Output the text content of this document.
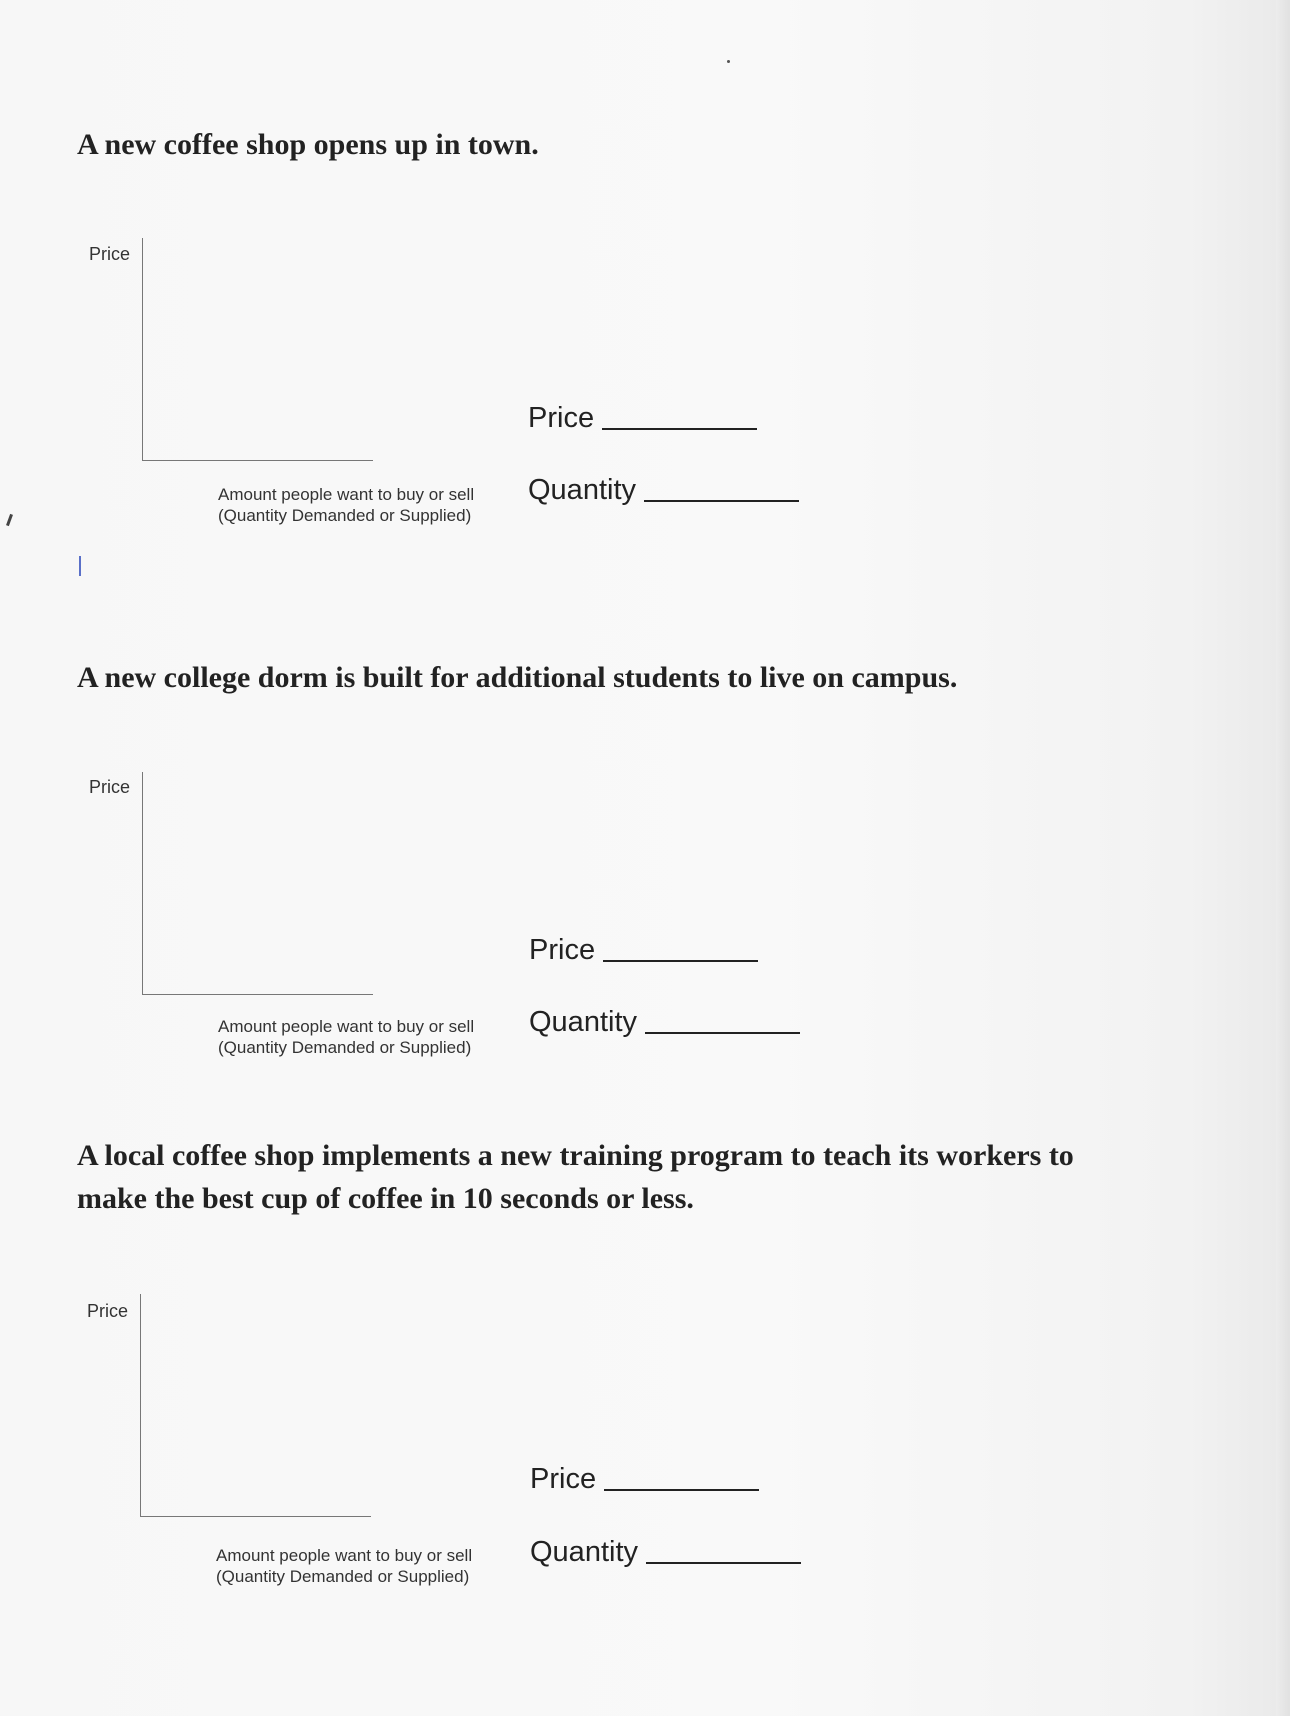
A new coffee shop opens up in town.
Price
Amount people want to buy or sell
(Quantity Demanded or Supplied)
Price
Quantity
A new college dorm is built for additional students to live on campus.
Price
Amount people want to buy or sell
(Quantity Demanded or Supplied)
Price
Quantity
A local coffee shop implements a new training program to teach its workers to
make the best cup of coffee in 10 seconds or less.
Price
Amount people want to buy or sell
(Quantity Demanded or Supplied)
Price
Quantity
